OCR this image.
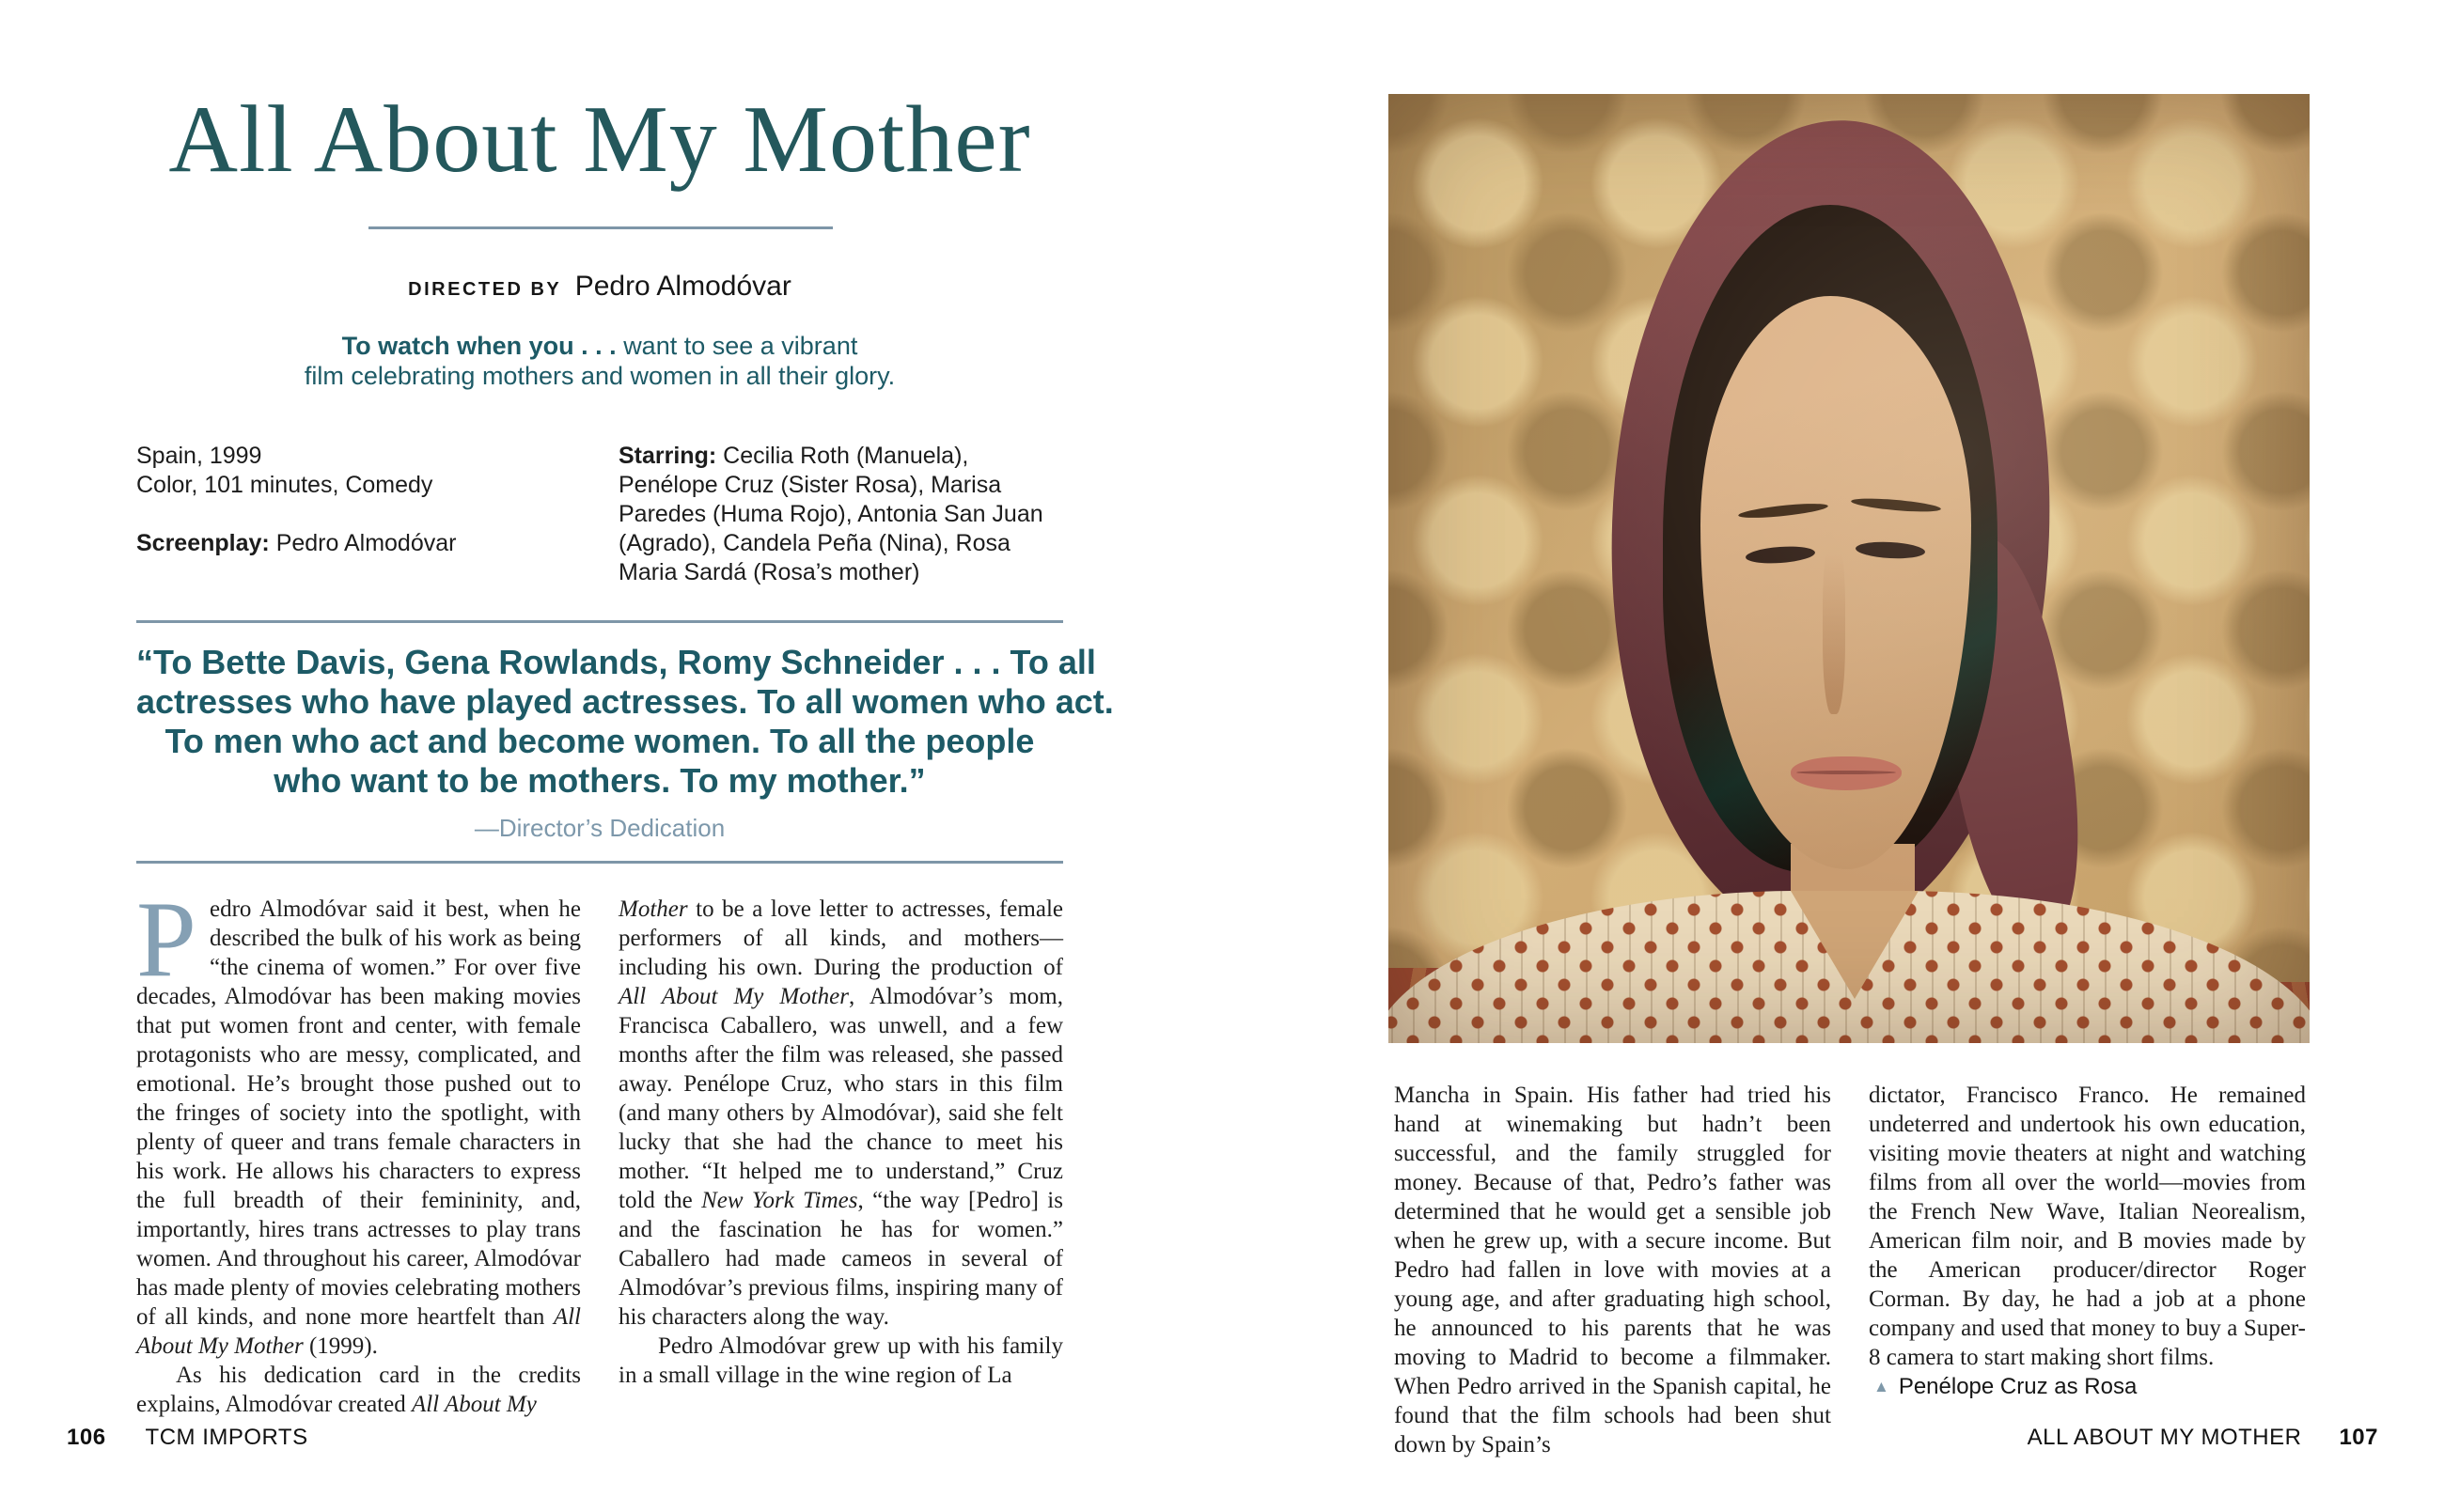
All About My Mother
DIRECTED BY Pedro Almodóvar

To watch when you . . . want to see a vibrant
film celebrating mothers and women in all their glory.

Spain, 1999
Color, 101 minutes, Comedy
Screenplay: Pedro Almodóvar
Starring: Cecilia Roth (Manuela), Penélope Cruz (Sister Rosa), Marisa Paredes (Huma Rojo), Antonia San Juan (Agrado), Candela Peña (Nina), Rosa Maria Sardá (Rosa’s mother)
“To Bette Davis, Gena Rowlands, Romy Schneider . . . To all
actresses who have played actresses. To all women who act.
To men who act and become women. To all the people
who want to be mothers. To my mother.”

—Director’s Dedication

Pedro Almodóvar said it best, when he described the bulk of his work as being “the cinema of women.” For over five decades, Almodóvar has been making movies that put women front and center, with female protagonists who are messy, complicated, and emotional. He’s brought those pushed out to the fringes of society into the spotlight, with plenty of queer and trans female characters in his work. He allows his characters to express the full breadth of their femininity, and, importantly, hires trans actresses to play trans women. And throughout his career, Almodóvar has made plenty of movies celebrating mothers of all kinds, and none more heartfelt than All About My Mother (1999).

As his dedication card in the credits explains, Almodóvar created All About My

Mother to be a love letter to actresses, female performers of all kinds, and mothers—including his own. During the production of All About My Mother, Almodóvar’s mom, Francisca Caballero, was unwell, and a few months after the film was released, she passed away. Penélope Cruz, who stars in this film (and many others by Almodóvar), said she felt lucky that she had the chance to meet his mother. “It helped me to understand,” Cruz told the New York Times, “the way [Pedro] is and the fascination he has for women.” Caballero had made cameos in several of Almodóvar’s previous films, inspiring many of his characters along the way.

Pedro Almodóvar grew up with his family in a small village in the wine region of La

106 TCM IMPORTS

Mancha in Spain. His father had tried his hand at winemaking but hadn’t been successful, and the family struggled for money. Because of that, Pedro’s father was determined that he would get a sensible job when he grew up, with a secure income. But Pedro had fallen in love with movies at a young age, and after graduating high school, he announced to his parents that he was moving to Madrid to become a filmmaker. When Pedro arrived in the Spanish capital, he found that the film schools had been shut down by Spain’s

dictator, Francisco Franco. He remained undeterred and undertook his own education, visiting movie theaters at night and watching films from all over the world—movies from the French New Wave, Italian Neorealism, American film noir, and B movies made by the American producer/director Roger Corman. By day, he had a job at a phone company and used that money to buy a Super-8 camera to start making short films.

▲ Penélope Cruz as Rosa
ALL ABOUT MY MOTHER 107
